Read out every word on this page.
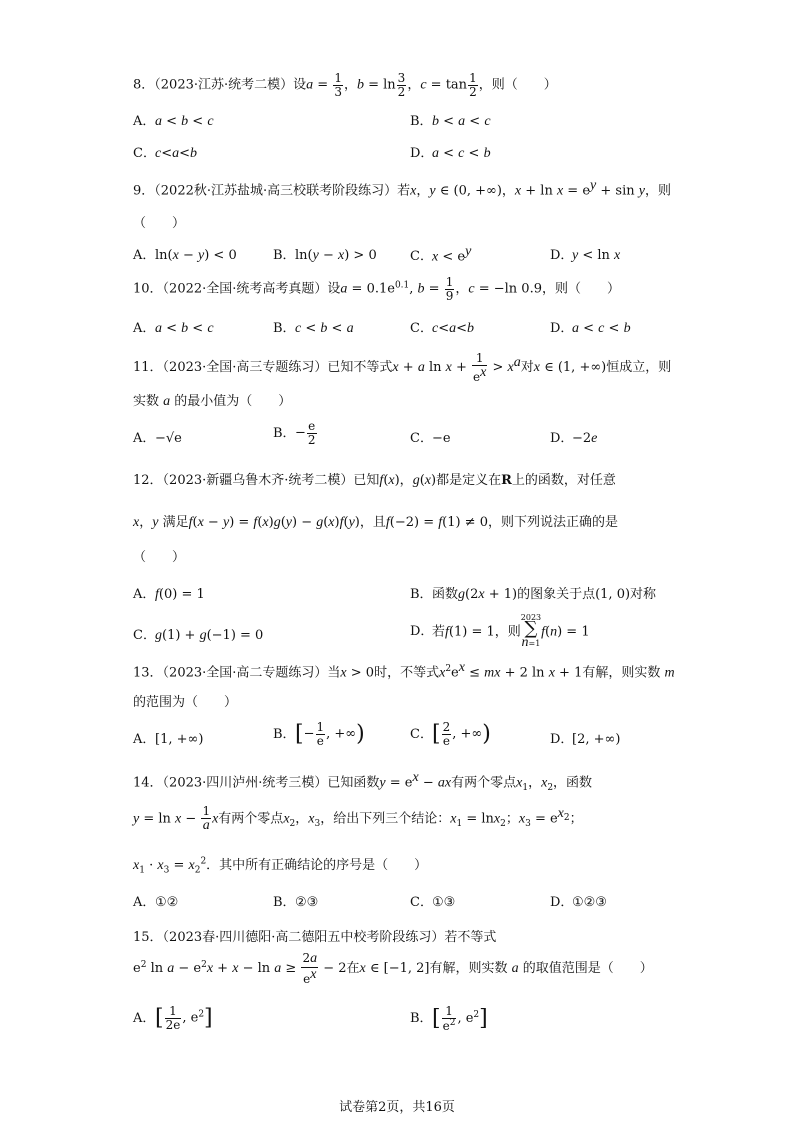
8．（2023·江苏·统考二模）设$a = \frac{1}{3}$ ，$b = \ln \frac{3}{2}$ ，$c = \tan \frac{1}{2}$ ，则（　　）
A．a < b < c	B．b < a < c
C．c<a<b	D．a < c < b
9．（2022秋·江苏盐城·高三校联考阶段练习）若x，y ∈ (0, +∞)，$x + \ln x = e^y + \sin y$，则
（　　）
A．ln(x − y) < 0	B．ln(y − x) > 0	C．$x < e^y$	D．y < ln x
10．（2022·全国·统考高考真题）设$a = 0.1e^{0.1}$, $b = \frac{1}{9}$ ，c = −ln 0.9，则（　　）
A．a < b < c	B．c < b < a	C．c<a<b	D．a < c < b
11．（2023·全国·高三专题练习）已知不等式x + a $\ln x + \frac{1}{e^x} > x^a$对x ∈ (1, +∞)恒成立，则
实数 a 的最小值为（　　）
A．−√e	B．− $\frac{e}{2}$	C．−e	D．−2e
12．（2023·新疆乌鲁木齐·统考二模）已知f(x)，g(x)都是定义在R上的函数，对任意
x，y 满足f(x − y) = f(x)g(y) − g(x)f(y)，且f(−2) = f(1) ≠ 0，则下列说法正确的是
（　　）
A．f(0) = 1	B．函数g(2x + 1)的图象关于点(1, 0)对称
C．g(1) + g(−1) = 0	D．若f(1) = 1，则2023
∑
n=1f(n) = 1
13．（2023·全国·高二专题练习）当x > 0时，不等式$x^2e^x$ ≤ mx + 2 ln x + 1有解，则实数 m
的范围为（　　）
A．[1, +∞)	B．[− $\frac{1}{e}$ , +∞)	C．[ $\frac{2}{e}$ , +∞)	D．[2, +∞)
14．（2023·四川泸州·统考三模）已知函数$y = e^x$ − ax有两个零点$x_1$，$x_2$，函数
$y = \ln x - \frac{1}{a}$ x有两个零点$x_2$，$x_3$，给出下列三个结论：$x_1 = \ln x_2$；$x_3 = e^{x_2}$；
$x_1 \cdot x_3 = x_2^2$．其中所有正确结论的序号是（　　）
A．①②	B．②③	C．①③	D．①②③
15．（2023春·四川德阳·高二德阳五中校考阶段练习）若不等式
$e^2$ $\ln a - e^2x + x - \ln a \ge \frac{2a}{e^x} - 2$在x ∈ [−1, 2]有解，则实数 a 的取值范围是（　　）
A．[ $\frac{1}{2e}$ , $e^2$]	B．[ $\frac{1}{e^2}$ , $e^2$]
试卷第2页，共16页
